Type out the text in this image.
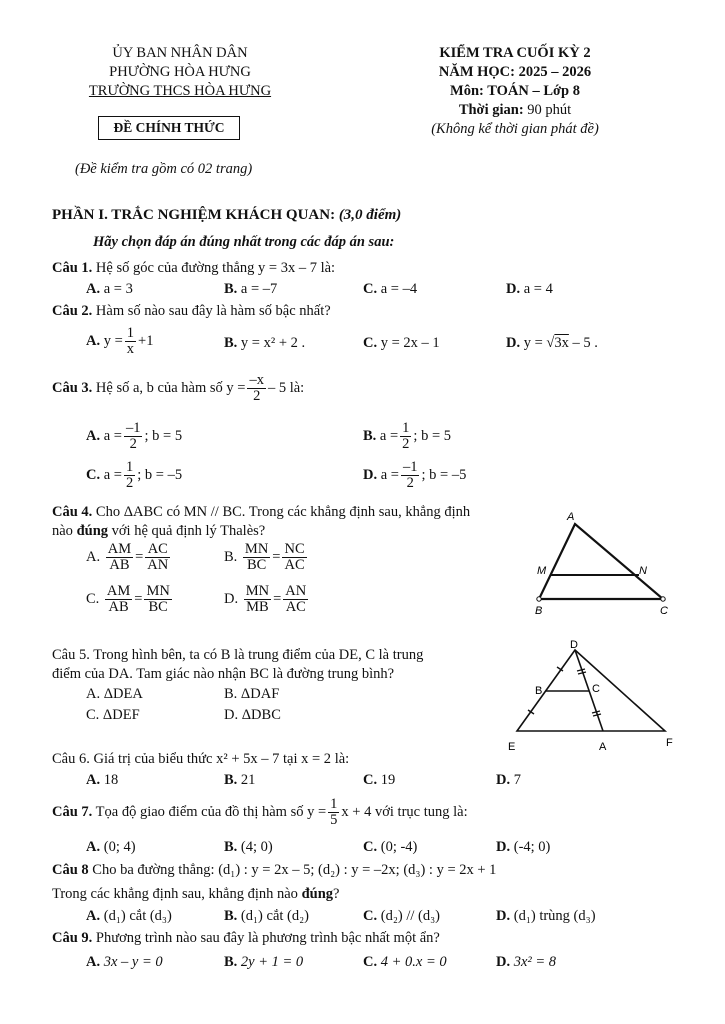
ỦY BAN NHÂN DÂN
PHƯỜNG HÒA HƯNG
TRƯỜNG THCS HÒA HƯNG
ĐỀ CHÍNH THỨC
KIỂM TRA CUỐI KỲ 2
NĂM HỌC: 2025 – 2026
Môn: TOÁN – Lớp 8
Thời gian: 90 phút
(Không kể thời gian phát đề)
(Đề kiểm tra gồm có 02 trang)
PHẦN I. TRẮC NGHIỆM KHÁCH QUAN: (3,0 điểm)
Hãy chọn đáp án đúng nhất trong các đáp án sau:
Câu 1. Hệ số góc của đường thẳng y = 3x – 7 là:
A. a = 3	B. a = –7	C. a = –4	D. a = 4
Câu 2. Hàm số nào sau đây là hàm số bậc nhất?
A. $y = \frac{1}{x} +1$	B. y = x² + 2 .	C. y = 2x – 1	D. y = √3x – 5 .
Câu 3. Hệ số a, b của hàm số $y = \frac{-x}{2} - 5$ là:
A. $a = \frac{-1}{2}$ ; b = 5	B. $a = \frac{1}{2}$ ; b = 5
C. $a = \frac{1}{2}$ ; b = –5	D. $a = \frac{-1}{2}$ ; b = –5
Câu 4. Cho ΔABC có MN // BC. Trong các khẳng định sau, khẳng định
nào đúng với hệ quả định lý Thalès?
A. $\frac{AM}{AB} = \frac{AC}{AN}$	B. $\frac{MN}{BC} = \frac{NC}{AC}$
C. $\frac{AM}{AB} = \frac{MN}{BC}$	D. $\frac{MN}{MB} = \frac{AN}{AC}$
A
M	N
B	C
Câu 5. Trong hình bên, ta có B là trung điểm của DE, C là trung
điểm của DA. Tam giác nào nhận BC là đường trung bình?
A. ΔDEA	B. ΔDAF
C. ΔDEF	D. ΔDBC
D
B	C
E	A	F
Câu 6. Giá trị của biểu thức x² + 5x – 7 tại x = 2 là:
A. 18	B. 21	C. 19	D. 7
Câu 7. Tọa độ giao điểm của đồ thị hàm số $y = \frac{1}{5}$ x + 4 với trục tung là:
A. (0; 4)	B. (4; 0)	C. (0; -4)	D. (-4; 0)
Câu 8 Cho ba đường thẳng: (d₁) : y = 2x – 5; (d₂) : y = –2x; (d₃) : y = 2x + 1
Trong các khẳng định sau, khẳng định nào đúng?
A. (d₁) cắt (d₃)	B. (d₁) cắt (d₂)	C. (d₂) // (d₃)	D. (d₁) trùng (d₃)
Câu 9. Phương trình nào sau đây là phương trình bậc nhất một ẩn?
A. 3x – y = 0	B. 2y + 1 = 0	C. 4 + 0.x = 0	D. 3x² = 8
